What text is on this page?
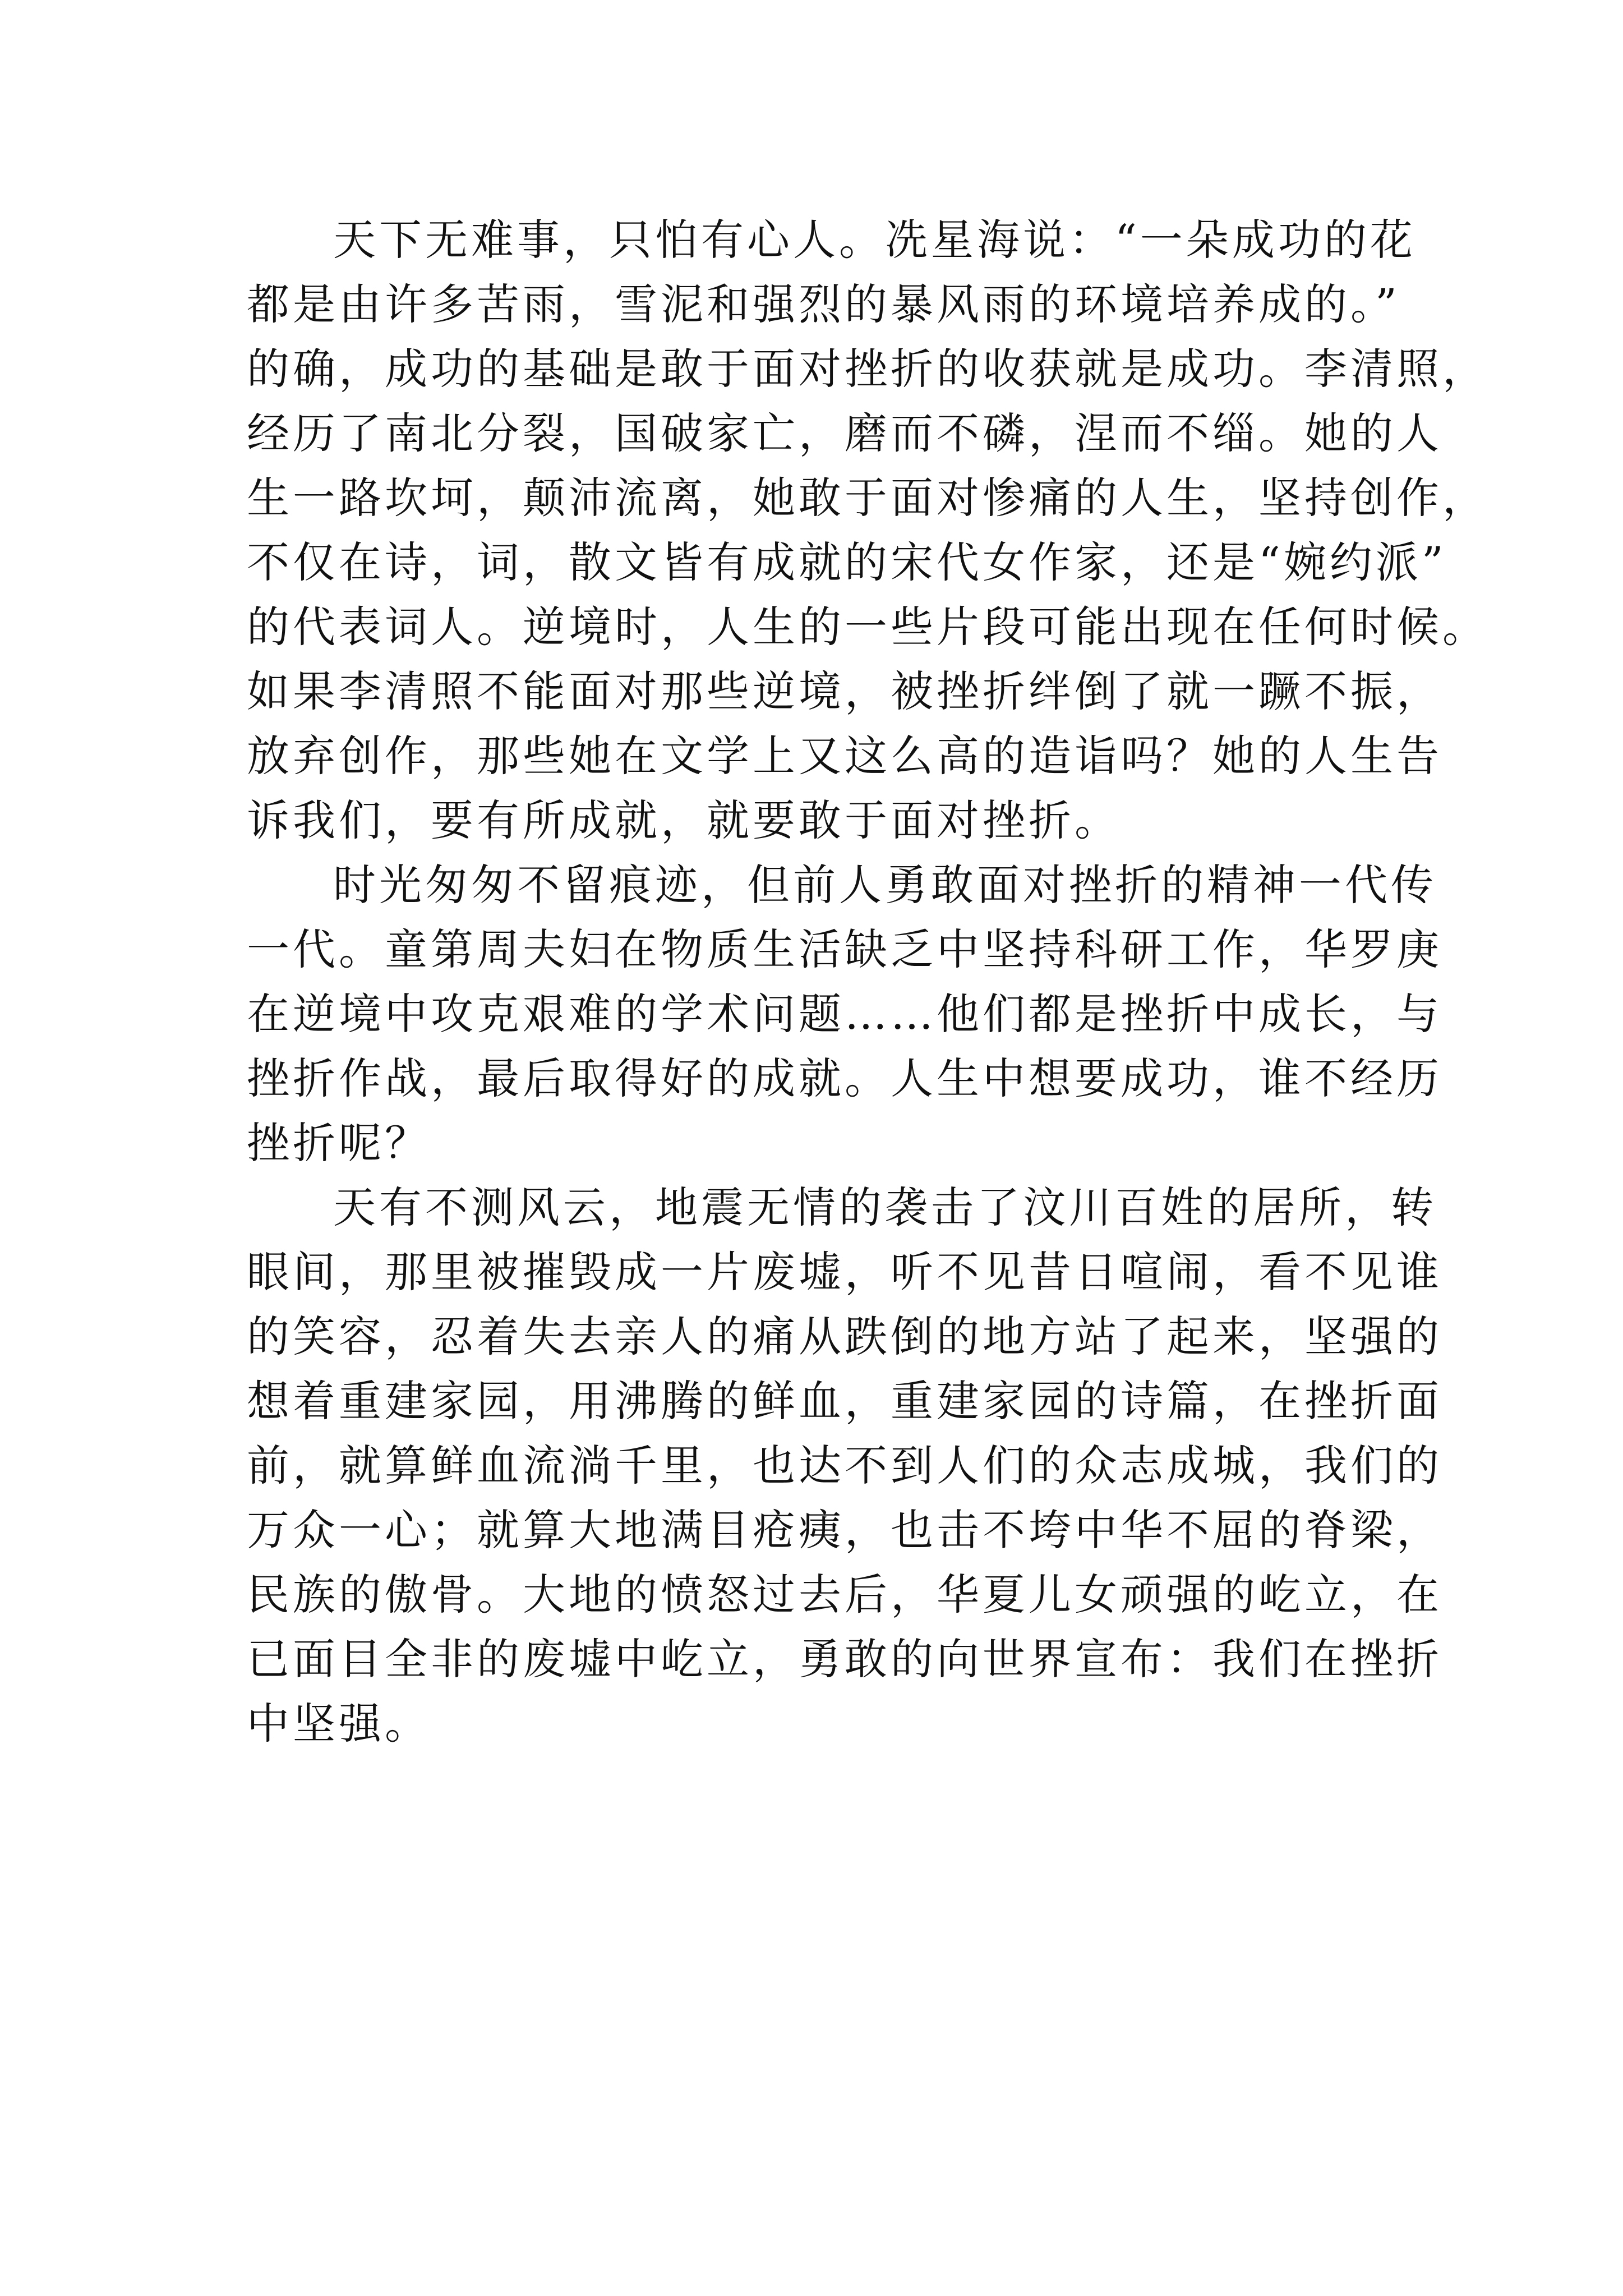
天下无难事，只怕有心人。冼星海说：“一朵成功的花
都是由许多苦雨，雪泥和强烈的暴风雨的环境培养成的。”
的确，成功的基础是敢于面对挫折的收获就是成功。李清照，
经历了南北分裂，国破家亡，磨而不磷，涅而不缁。她的人
生一路坎坷，颠沛流离，她敢于面对惨痛的人生，坚持创作，
不仅在诗，词，散文皆有成就的宋代女作家，还是“婉约派”
的代表词人。逆境时，人生的一些片段可能出现在任何时候。
如果李清照不能面对那些逆境，被挫折绊倒了就一蹶不振，
放弃创作，那些她在文学上又这么高的造诣吗？她的人生告
诉我们，要有所成就，就要敢于面对挫折。
时光匆匆不留痕迹，但前人勇敢面对挫折的精神一代传
一代。童第周夫妇在物质生活缺乏中坚持科研工作，华罗庚
在逆境中攻克艰难的学术问题……他们都是挫折中成长，与
挫折作战，最后取得好的成就。人生中想要成功，谁不经历
挫折呢？
天有不测风云，地震无情的袭击了汶川百姓的居所，转
眼间，那里被摧毁成一片废墟，听不见昔日喧闹，看不见谁
的笑容，忍着失去亲人的痛从跌倒的地方站了起来，坚强的
想着重建家园，用沸腾的鲜血，重建家园的诗篇，在挫折面
前，就算鲜血流淌千里，也达不到人们的众志成城，我们的
万众一心；就算大地满目疮痍，也击不垮中华不屈的脊梁，
民族的傲骨。大地的愤怒过去后，华夏儿女顽强的屹立，在
已面目全非的废墟中屹立，勇敢的向世界宣布：我们在挫折
中坚强。
